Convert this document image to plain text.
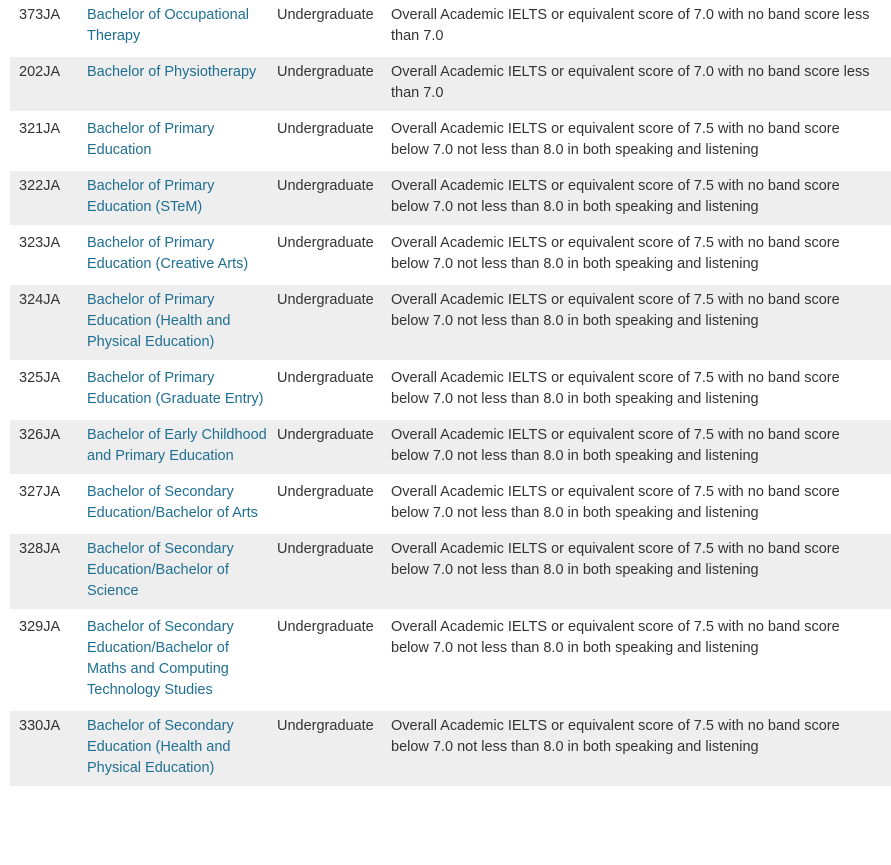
373JA	Bachelor of Occupational Therapy	Undergraduate	Overall Academic IELTS or equivalent score of 7.0 with no band score less than 7.0
202JA	Bachelor of Physiotherapy	Undergraduate	Overall Academic IELTS or equivalent score of 7.0 with no band score less than 7.0
321JA	Bachelor of Primary Education	Undergraduate	Overall Academic IELTS or equivalent score of 7.5 with no band score below 7.0 not less than 8.0 in both speaking and listening
322JA	Bachelor of Primary Education (STeM)	Undergraduate	Overall Academic IELTS or equivalent score of 7.5 with no band score below 7.0 not less than 8.0 in both speaking and listening
323JA	Bachelor of Primary Education (Creative Arts)	Undergraduate	Overall Academic IELTS or equivalent score of 7.5 with no band score below 7.0 not less than 8.0 in both speaking and listening
324JA	Bachelor of Primary Education (Health and Physical Education)	Undergraduate	Overall Academic IELTS or equivalent score of 7.5 with no band score below 7.0 not less than 8.0 in both speaking and listening
325JA	Bachelor of Primary Education (Graduate Entry)	Undergraduate	Overall Academic IELTS or equivalent score of 7.5 with no band score below 7.0 not less than 8.0 in both speaking and listening
326JA	Bachelor of Early Childhood and Primary Education	Undergraduate	Overall Academic IELTS or equivalent score of 7.5 with no band score below 7.0 not less than 8.0 in both speaking and listening
327JA	Bachelor of Secondary Education/Bachelor of Arts	Undergraduate	Overall Academic IELTS or equivalent score of 7.5 with no band score below 7.0 not less than 8.0 in both speaking and listening
328JA	Bachelor of Secondary Education/Bachelor of Science	Undergraduate	Overall Academic IELTS or equivalent score of 7.5 with no band score below 7.0 not less than 8.0 in both speaking and listening
329JA	Bachelor of Secondary Education/Bachelor of Maths and Computing Technology Studies	Undergraduate	Overall Academic IELTS or equivalent score of 7.5 with no band score below 7.0 not less than 8.0 in both speaking and listening
330JA	Bachelor of Secondary Education (Health and Physical Education)	Undergraduate	Overall Academic IELTS or equivalent score of 7.5 with no band score below 7.0 not less than 8.0 in both speaking and listening
